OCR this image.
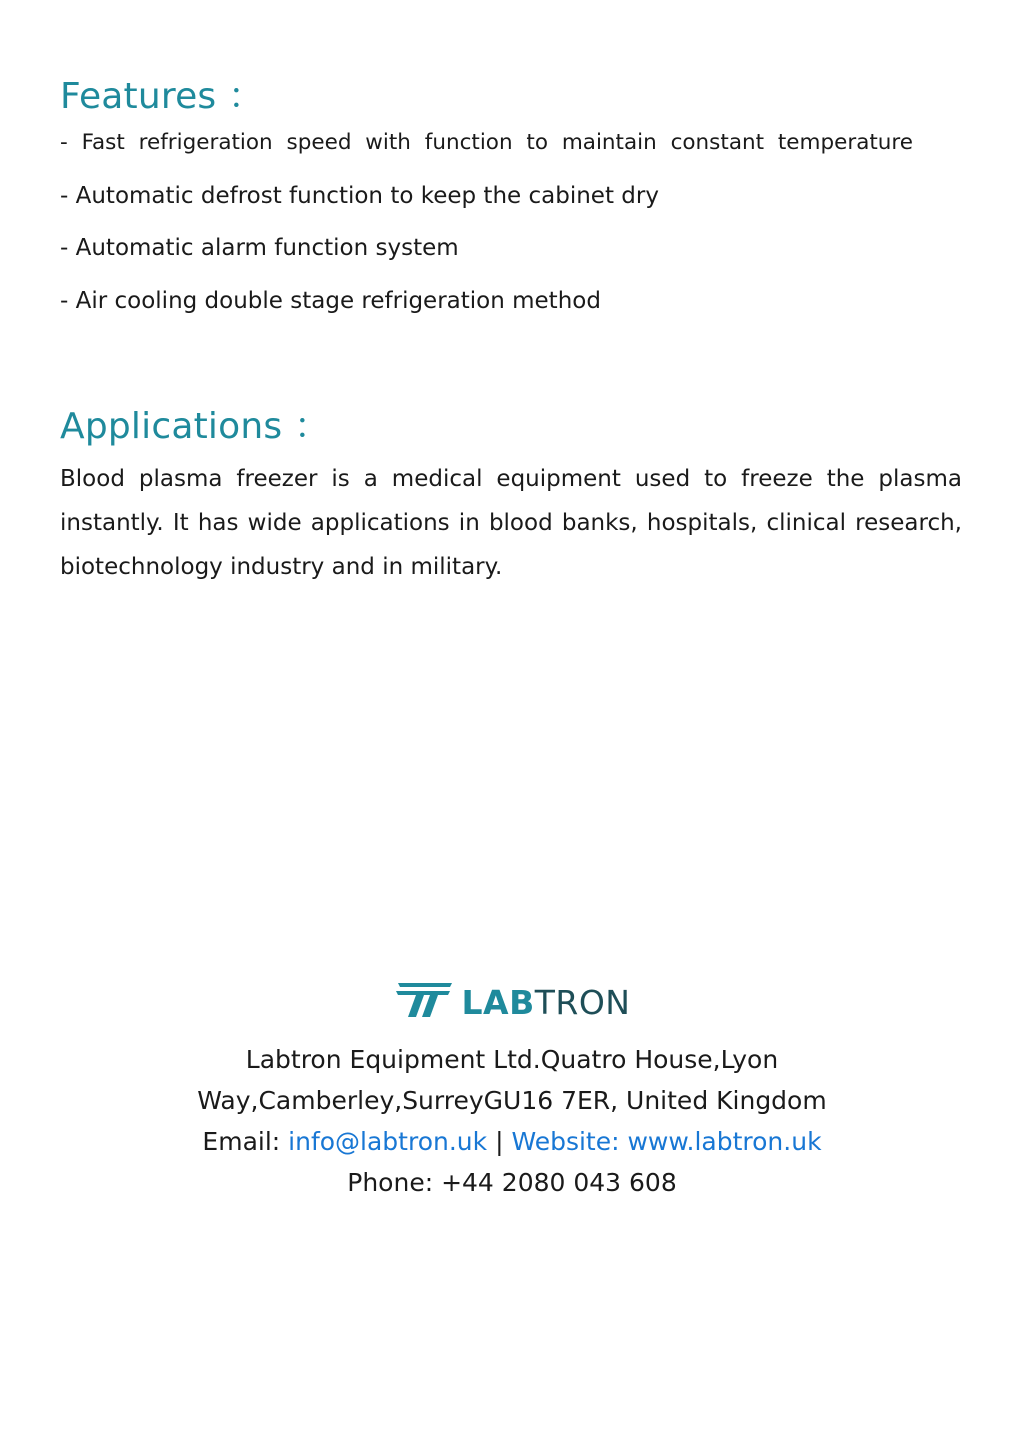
Features ：
- Fast refrigeration speed with function to maintain constant temperature
- Automatic defrost function to keep the cabinet dry
- Automatic alarm function system
- Air cooling double stage refrigeration method
Applications ：

Blood plasma freezer is a medical equipment used to freeze the plasma instantly. It has wide applications in blood banks, hospitals, clinical research, biotechnology industry and in military.

LABTRON
Labtron Equipment Ltd.Quatro House,Lyon
Way,Camberley,SurreyGU16 7ER, United Kingdom
Email: info@labtron.uk | Website: www.labtron.uk
Phone: +44 2080 043 608
